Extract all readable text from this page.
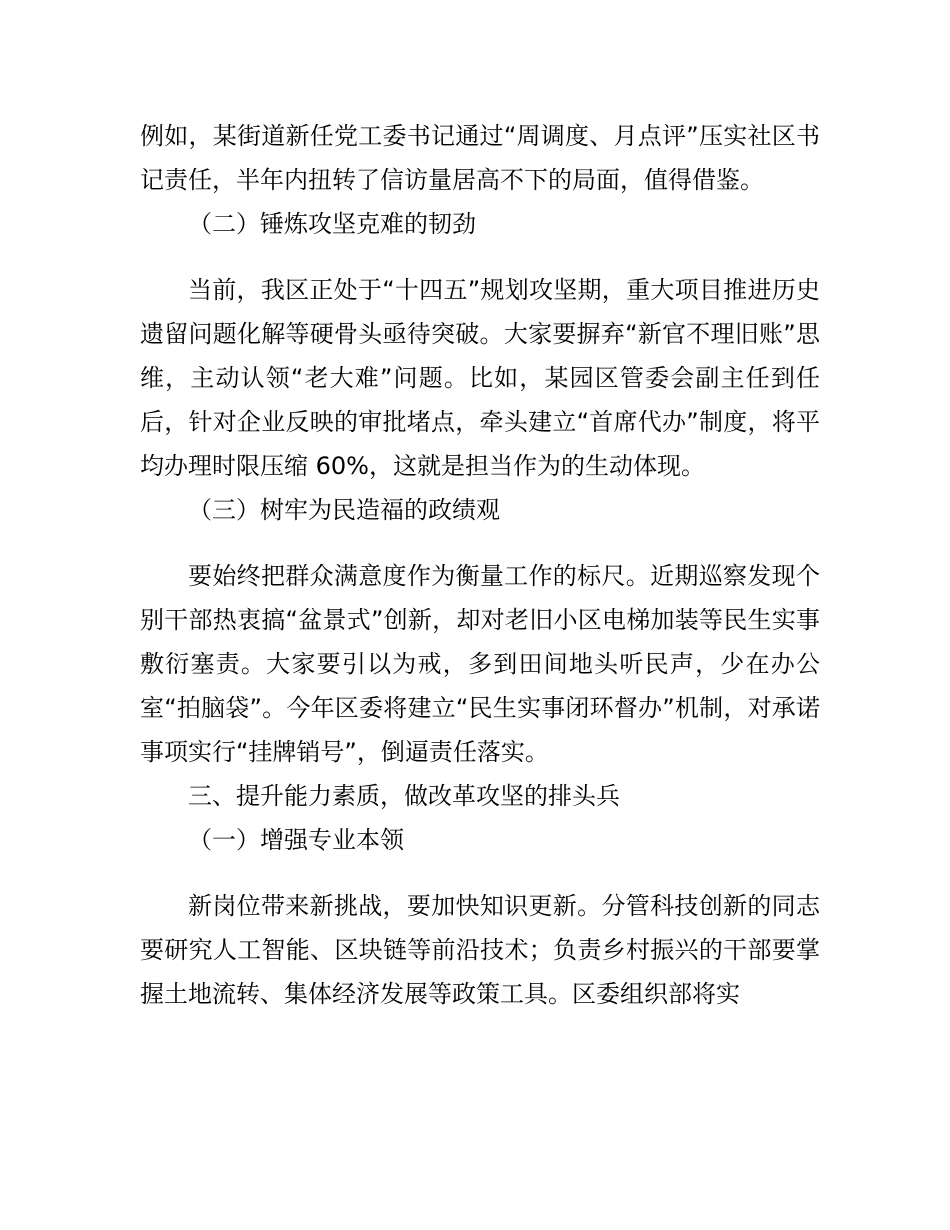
例如，某街道新任党工委书记通过“周调度、月点评”压实社区书记责任，半年内扭转了信访量居高不下的局面，值得借鉴。

（二）锤炼攻坚克难的韧劲

当前，我区正处于“十四五”规划攻坚期，重大项目推进历史遗留问题化解等硬骨头亟待突破。大家要摒弃“新官不理旧账”思维，主动认领“老大难”问题。比如，某园区管委会副主任到任后，针对企业反映的审批堵点，牵头建立“首席代办”制度，将平均办理时限压缩 60%，这就是担当作为的生动体现。

（三）树牢为民造福的政绩观

要始终把群众满意度作为衡量工作的标尺。近期巡察发现个别干部热衷搞“盆景式”创新，却对老旧小区电梯加装等民生实事敷衍塞责。大家要引以为戒，多到田间地头听民声，少在办公室“拍脑袋”。今年区委将建立“民生实事闭环督办”机制，对承诺事项实行“挂牌销号”，倒逼责任落实。

三、提升能力素质，做改革攻坚的排头兵

（一）增强专业本领

新岗位带来新挑战，要加快知识更新。分管科技创新的同志要研究人工智能、区块链等前沿技术；负责乡村振兴的干部要掌握土地流转、集体经济发展等政策工具。区委组织部将实
